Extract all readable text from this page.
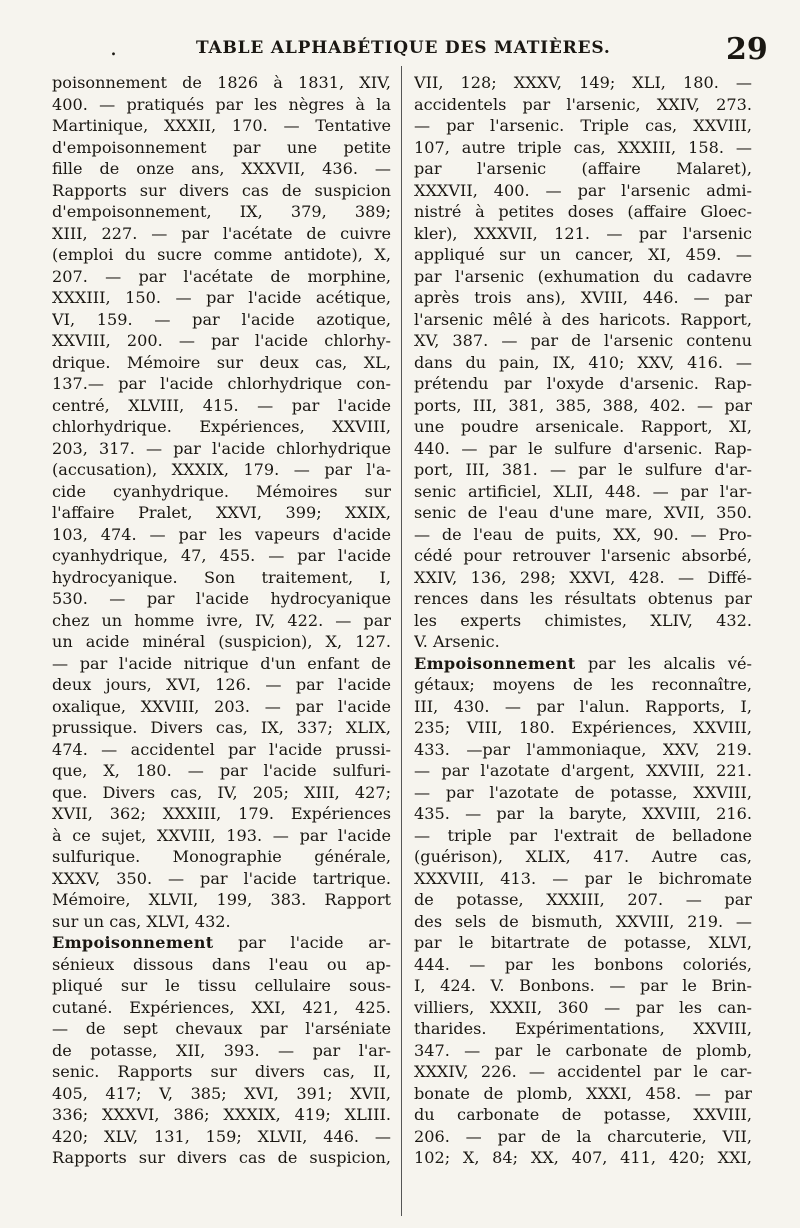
.	TABLE ALPHABÉTIQUE DES MATIÈRES.	29
poisonnement de 1826 à 1831, XIV,
400. — pratiqués par les nègres à la
Martinique, XXXII, 170. — Tentative
d'empoisonnement par une petite
fille de onze ans, XXXVII, 436. —
Rapports sur divers cas de suspicion
d'empoisonnement, IX, 379, 389;
XIII, 227. — par l'acétate de cuivre
(emploi du sucre comme antidote), X,
207. — par l'acétate de morphine,
XXXIII, 150. — par l'acide acétique,
VI, 159. — par l'acide azotique,
XXVIII, 200. — par l'acide chlorhy-
drique. Mémoire sur deux cas, XL,
137.— par l'acide chlorhydrique con-
centré, XLVIII, 415. — par l'acide
chlorhydrique. Expériences, XXVIII,
203, 317. — par l'acide chlorhydrique
(accusation), XXXIX, 179. — par l'a-
cide cyanhydrique. Mémoires sur
l'affaire Pralet, XXVI, 399; XXIX,
103, 474. — par les vapeurs d'acide
cyanhydrique, 47, 455. — par l'acide
hydrocyanique. Son traitement, I,
530. — par l'acide hydrocyanique
chez un homme ivre, IV, 422. — par
un acide minéral (suspicion), X, 127.
— par l'acide nitrique d'un enfant de
deux jours, XVI, 126. — par l'acide
oxalique, XXVIII, 203. — par l'acide
prussique. Divers cas, IX, 337; XLIX,
474. — accidentel par l'acide prussi-
que, X, 180. — par l'acide sulfuri-
que. Divers cas, IV, 205; XIII, 427;
XVII, 362; XXXIII, 179. Expériences
à ce sujet, XXVIII, 193. — par l'acide
sulfurique. Monographie générale,
XXXV, 350. — par l'acide tartrique.
Mémoire, XLVII, 199, 383. Rapport
sur un cas, XLVI, 432.
Empoisonnement par l'acide ar-
sénieux dissous dans l'eau ou ap-
pliqué sur le tissu cellulaire sous-
cutané. Expériences, XXI, 421, 425.
— de sept chevaux par l'arséniate
de potasse, XII, 393. — par l'ar-
senic. Rapports sur divers cas, II,
405, 417; V, 385; XVI, 391; XVII,
336; XXXVI, 386; XXXIX, 419; XLIII.
420; XLV, 131, 159; XLVII, 446. —
Rapports sur divers cas de suspicion,
VII, 128; XXXV, 149; XLI, 180. —
accidentels par l'arsenic, XXIV, 273.
— par l'arsenic. Triple cas, XXVIII,
107, autre triple cas, XXXIII, 158. —
par l'arsenic (affaire Malaret),
XXXVII, 400. — par l'arsenic admi-
nistré à petites doses (affaire Gloec-
kler), XXXVII, 121. — par l'arsenic
appliqué sur un cancer, XI, 459. —
par l'arsenic (exhumation du cadavre
après trois ans), XVIII, 446. — par
l'arsenic mêlé à des haricots. Rapport,
XV, 387. — par de l'arsenic contenu
dans du pain, IX, 410; XXV, 416. —
prétendu par l'oxyde d'arsenic. Rap-
ports, III, 381, 385, 388, 402. — par
une poudre arsenicale. Rapport, XI,
440. — par le sulfure d'arsenic. Rap-
port, III, 381. — par le sulfure d'ar-
senic artificiel, XLII, 448. — par l'ar-
senic de l'eau d'une mare, XVII, 350.
— de l'eau de puits, XX, 90. — Pro-
cédé pour retrouver l'arsenic absorbé,
XXIV, 136, 298; XXVI, 428. — Diffé-
rences dans les résultats obtenus par
les experts chimistes, XLIV, 432.
V. Arsenic.
Empoisonnement par les alcalis vé-
gétaux; moyens de les reconnaître,
III, 430. — par l'alun. Rapports, I,
235; VIII, 180. Expériences, XXVIII,
433. —par l'ammoniaque, XXV, 219.
— par l'azotate d'argent, XXVIII, 221.
— par l'azotate de potasse, XXVIII,
435. — par la baryte, XXVIII, 216.
— triple par l'extrait de belladone
(guérison), XLIX, 417. Autre cas,
XXXVIII, 413. — par le bichromate
de potasse, XXXIII, 207. — par
des sels de bismuth, XXVIII, 219. —
par le bitartrate de potasse, XLVI,
444. — par les bonbons coloriés,
I, 424. V. Bonbons. — par le Brin-
villiers, XXXII, 360 — par les can-
tharides. Expérimentations, XXVIII,
347. — par le carbonate de plomb,
XXXIV, 226. — accidentel par le car-
bonate de plomb, XXXI, 458. — par
du carbonate de potasse, XXVIII,
206. — par de la charcuterie, VII,
102; X, 84; XX, 407, 411, 420; XXI,
